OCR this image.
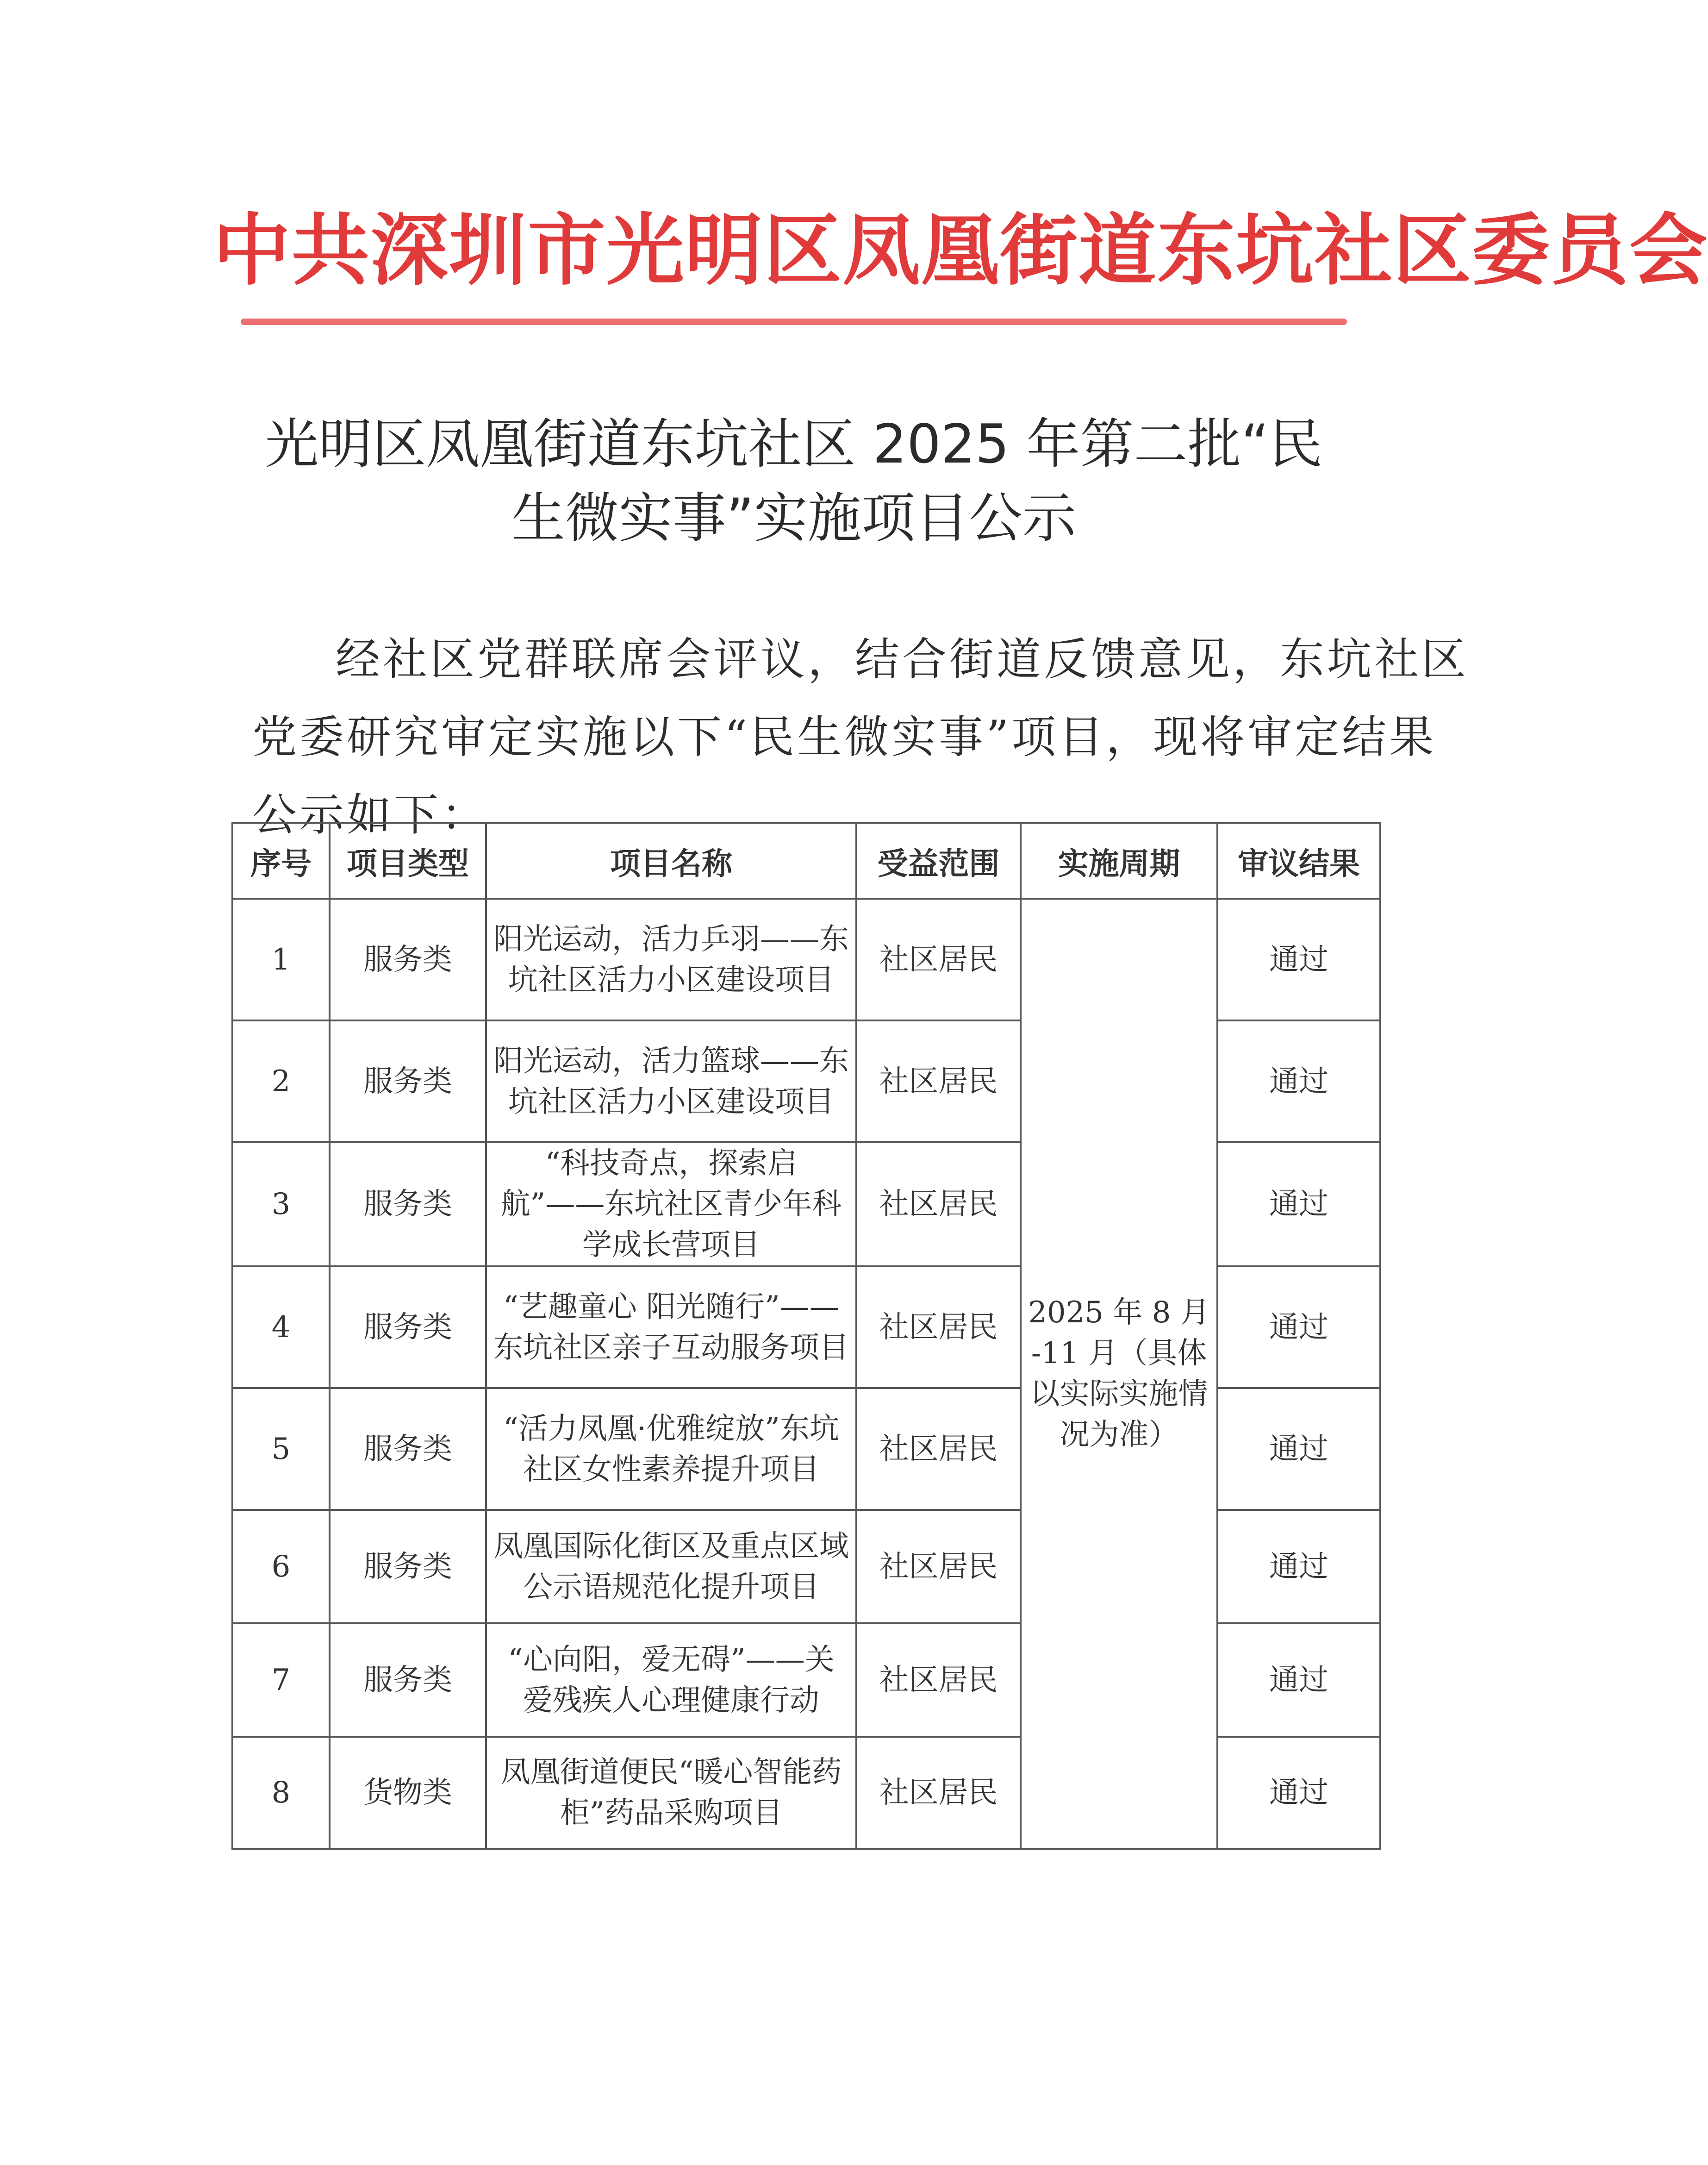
中共深圳市光明区凤凰街道东坑社区委员会
光明区凤凰街道东坑社区 2025 年第二批“民
生微实事”实施项目公示
经社区党群联席会评议，结合街道反馈意见，东坑社区
党委研究审定实施以下“民生微实事”项目，现将审定结果
公示如下：
序号	项目类型	项目名称	受益范围	实施周期	审议结果
1	服务类	阳光运动，活力乒羽——东坑社区活力小区建设项目	社区居民	2025 年 8 月 -11 月（具体以实际实施情况为准）	通过
2	服务类	阳光运动，活力篮球——东坑社区活力小区建设项目	社区居民		通过
3	服务类	“科技奇点，探索启航”——东坑社区青少年科学成长营项目	社区居民		通过
4	服务类	“艺趣童心 阳光随行”——东坑社区亲子互动服务项目	社区居民		通过
5	服务类	“活力凤凰·优雅绽放”东坑社区女性素养提升项目	社区居民		通过
6	服务类	凤凰国际化街区及重点区域公示语规范化提升项目	社区居民		通过
7	服务类	“心向阳，爱无碍”——关爱残疾人心理健康行动	社区居民		通过
8	货物类	凤凰街道便民“暖心智能药柜”药品采购项目	社区居民		通过
